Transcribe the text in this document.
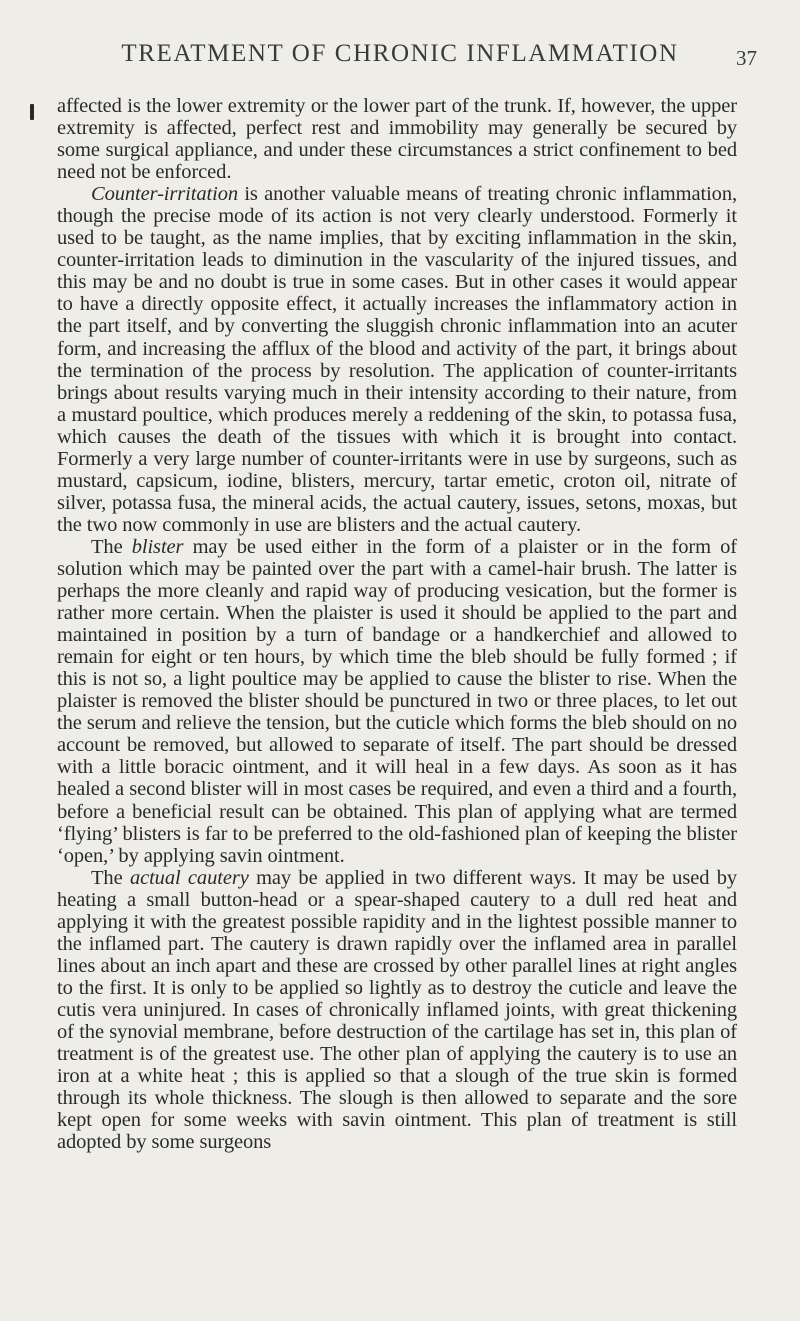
TREATMENT OF CHRONIC INFLAMMATION	37

affected is the lower extremity or the lower part of the trunk. If, however, the upper extremity is affected, perfect rest and immobility may generally be secured by some surgical appliance, and under these circumstances a strict confinement to bed need not be enforced.

Counter-irritation is another valuable means of treating chronic inflammation, though the precise mode of its action is not very clearly understood. Formerly it used to be taught, as the name implies, that by exciting inflammation in the skin, counter-irritation leads to diminution in the vascularity of the injured tissues, and this may be and no doubt is true in some cases. But in other cases it would appear to have a directly opposite effect, it actually increases the inflammatory action in the part itself, and by converting the sluggish chronic inflammation into an acuter form, and increasing the afflux of the blood and activity of the part, it brings about the termination of the process by resolution. The application of counter-irritants brings about results varying much in their intensity according to their nature, from a mustard poultice, which produces merely a reddening of the skin, to potassa fusa, which causes the death of the tissues with which it is brought into contact. Formerly a very large number of counter-irritants were in use by surgeons, such as mustard, capsicum, iodine, blisters, mercury, tartar emetic, croton oil, nitrate of silver, potassa fusa, the mineral acids, the actual cautery, issues, setons, moxas, but the two now commonly in use are blisters and the actual cautery.

The blister may be used either in the form of a plaister or in the form of solution which may be painted over the part with a camel-hair brush. The latter is perhaps the more cleanly and rapid way of producing vesication, but the former is rather more certain. When the plaister is used it should be applied to the part and maintained in position by a turn of bandage or a handkerchief and allowed to remain for eight or ten hours, by which time the bleb should be fully formed ; if this is not so, a light poultice may be applied to cause the blister to rise. When the plaister is removed the blister should be punctured in two or three places, to let out the serum and relieve the tension, but the cuticle which forms the bleb should on no account be removed, but allowed to separate of itself. The part should be dressed with a little boracic ointment, and it will heal in a few days. As soon as it has healed a second blister will in most cases be required, and even a third and a fourth, before a beneficial result can be obtained. This plan of applying what are termed ‘flying’ blisters is far to be preferred to the old-fashioned plan of keeping the blister ‘open,’ by applying savin ointment.

The actual cautery may be applied in two different ways. It may be used by heating a small button-head or a spear-shaped cautery to a dull red heat and applying it with the greatest possible rapidity and in the lightest possible manner to the inflamed part. The cautery is drawn rapidly over the inflamed area in parallel lines about an inch apart and these are crossed by other parallel lines at right angles to the first. It is only to be applied so lightly as to destroy the cuticle and leave the cutis vera uninjured. In cases of chronically inflamed joints, with great thickening of the synovial membrane, before destruction of the cartilage has set in, this plan of treatment is of the greatest use. The other plan of applying the cautery is to use an iron at a white heat ; this is applied so that a slough of the true skin is formed through its whole thickness. The slough is then allowed to separate and the sore kept open for some weeks with savin ointment. This plan of treatment is still adopted by some surgeons
